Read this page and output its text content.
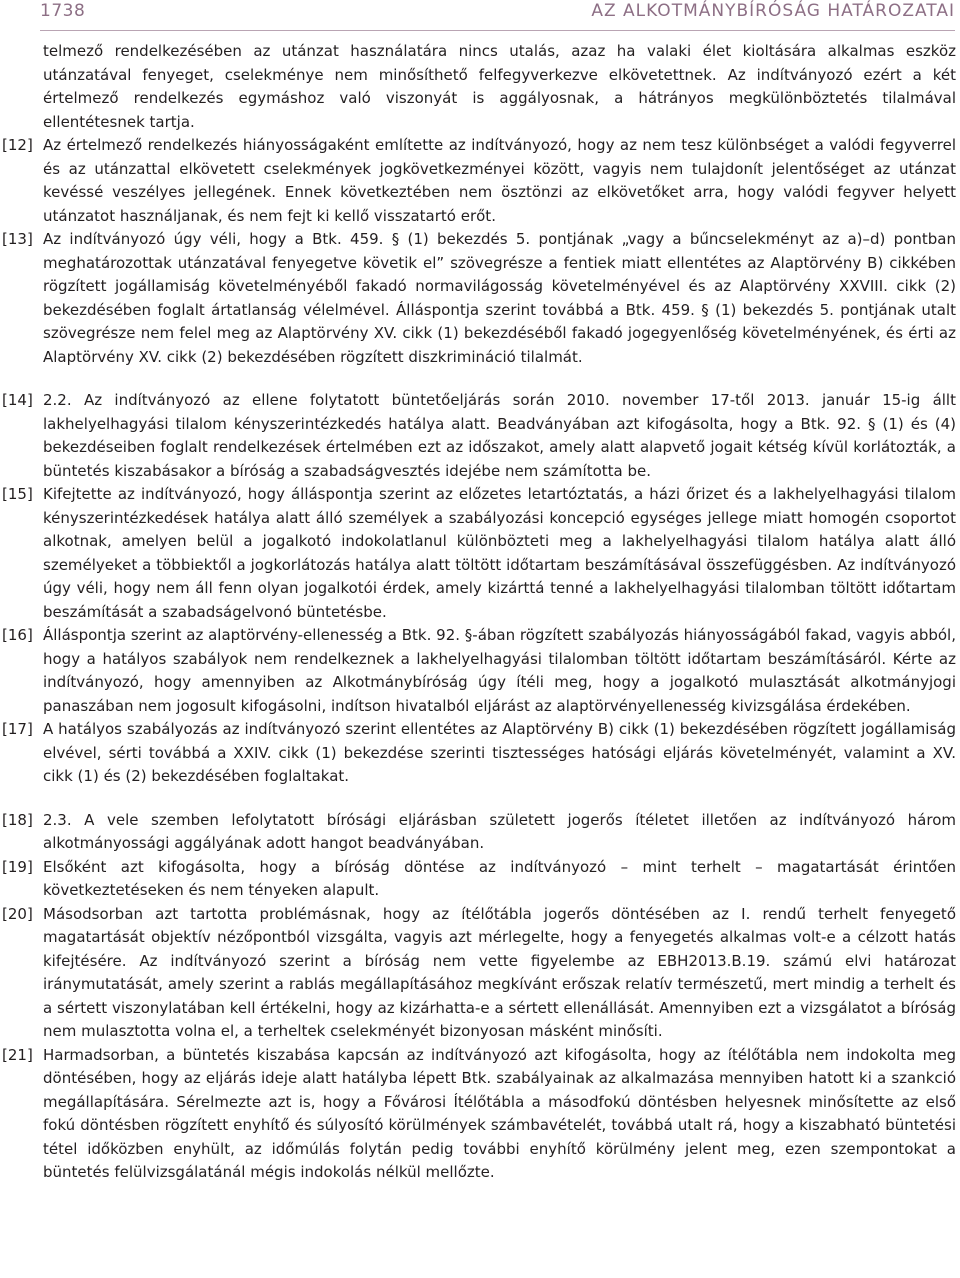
1738	AZ ALKOTMÁNYBÍRÓSÁG HATÁROZATAI

telmező rendelkezésében az utánzat használatára nincs utalás, azaz ha valaki élet kioltására alkalmas eszköz utánzatával fenyeget, cselekménye nem minősíthető felfegyverkezve elkövetettnek. Az indítványozó ezért a két értelmező rendelkezés egymáshoz való viszonyát is aggályosnak, a hátrányos megkülönböztetés tilalmával ellentétesnek tartja.

[12] Az értelmező rendelkezés hiányosságaként említette az indítványozó, hogy az nem tesz különbséget a valódi fegyverrel és az utánzattal elkövetett cselekmények jogkövetkezményei között, vagyis nem tulajdonít jelentőséget az utánzat kevéssé veszélyes jellegének. Ennek következtében nem ösztönzi az elkövetőket arra, hogy valódi fegyver helyett utánzatot használjanak, és nem fejt ki kellő visszatartó erőt.

[13] Az indítványozó úgy véli, hogy a Btk. 459. § (1) bekezdés 5. pontjának „vagy a bűncselekményt az a)–d) pontban meghatározottak utánzatával fenyegetve követik el” szövegrésze a fentiek miatt ellentétes az Alaptörvény B) cikkében rögzített jogállamiság követelményéből fakadó normavilágosság követelményével és az Alaptörvény XXVIII. cikk (2) bekezdésében foglalt ártatlanság vélelmével. Álláspontja szerint továbbá a Btk. 459. § (1) bekezdés 5. pontjának utalt szövegrésze nem felel meg az Alaptörvény XV. cikk (1) bekezdéséből fakadó jogegyenlőség követelményének, és érti az Alaptörvény XV. cikk (2) bekezdésében rögzített diszkrimináció tilalmát.

[14] 2.2. Az indítványozó az ellene folytatott büntetőeljárás során 2010. november 17-től 2013. január 15-ig állt lakhelyelhagyási tilalom kényszerintézkedés hatálya alatt. Beadványában azt kifogásolta, hogy a Btk. 92. § (1) és (4) bekezdéseiben foglalt rendelkezések értelmében ezt az időszakot, amely alatt alapvető jogait kétség kívül korlátozták, a büntetés kiszabásakor a bíróság a szabadságvesztés idejébe nem számította be.

[15] Kifejtette az indítványozó, hogy álláspontja szerint az előzetes letartóztatás, a házi őrizet és a lakhelyelhagyási tilalom kényszerintézkedések hatálya alatt álló személyek a szabályozási koncepció egységes jellege miatt homogén csoportot alkotnak, amelyen belül a jogalkotó indokolatlanul különbözteti meg a lakhelyelhagyási tilalom hatálya alatt álló személyeket a többiektől a jogkorlátozás hatálya alatt töltött időtartam beszámításával összefüggésben. Az indítványozó úgy véli, hogy nem áll fenn olyan jogalkotói érdek, amely kizárttá tenné a lakhelyelhagyási tilalomban töltött időtartam beszámítását a szabadságelvonó büntetésbe.

[16] Álláspontja szerint az alaptörvény-ellenesség a Btk. 92. §-ában rögzített szabályozás hiányosságából fakad, vagyis abból, hogy a hatályos szabályok nem rendelkeznek a lakhelyelhagyási tilalomban töltött időtartam beszámításáról. Kérte az indítványozó, hogy amennyiben az Alkotmánybíróság úgy ítéli meg, hogy a jogalkotó mulasztását alkotmányjogi panaszában nem jogosult kifogásolni, indítson hivatalból eljárást az alaptörvényellenesség kivizsgálása érdekében.

[17] A hatályos szabályozás az indítványozó szerint ellentétes az Alaptörvény B) cikk (1) bekezdésében rögzített jogállamiság elvével, sérti továbbá a XXIV. cikk (1) bekezdése szerinti tisztességes hatósági eljárás követelményét, valamint a XV. cikk (1) és (2) bekezdésében foglaltakat.

[18] 2.3. A vele szemben lefolytatott bírósági eljárásban született jogerős ítéletet illetően az indítványozó három alkotmányossági aggályának adott hangot beadványában.

[19] Elsőként azt kifogásolta, hogy a bíróság döntése az indítványozó – mint terhelt – magatartását érintően következtetéseken és nem tényeken alapult.

[20] Másodsorban azt tartotta problémásnak, hogy az ítélőtábla jogerős döntésében az I. rendű terhelt fenyegető magatartását objektív nézőpontból vizsgálta, vagyis azt mérlegelte, hogy a fenyegetés alkalmas volt-e a célzott hatás kifejtésére. Az indítványozó szerint a bíróság nem vette figyelembe az EBH2013.B.19. számú elvi határozat iránymutatását, amely szerint a rablás megállapításához megkívánt erőszak relatív természetű, mert mindig a terhelt és a sértett viszonylatában kell értékelni, hogy az kizárhatta-e a sértett ellenállását. Amennyiben ezt a vizsgálatot a bíróság nem mulasztotta volna el, a terheltek cselekményét bizonyosan másként minősíti.

[21] Harmadsorban, a büntetés kiszabása kapcsán az indítványozó azt kifogásolta, hogy az ítélőtábla nem indokolta meg döntésében, hogy az eljárás ideje alatt hatályba lépett Btk. szabályainak az alkalmazása mennyiben hatott ki a szankció megállapítására. Sérelmezte azt is, hogy a Fővárosi Ítélőtábla a másodfokú döntésben helyesnek minősítette az első fokú döntésben rögzített enyhítő és súlyosító körülmények számbavételét, továbbá utalt rá, hogy a kiszabható büntetési tétel időközben enyhült, az időmúlás folytán pedig további enyhítő körülmény jelent meg, ezen szempontokat a büntetés felülvizsgálatánál mégis indokolás nélkül mellőzte.
